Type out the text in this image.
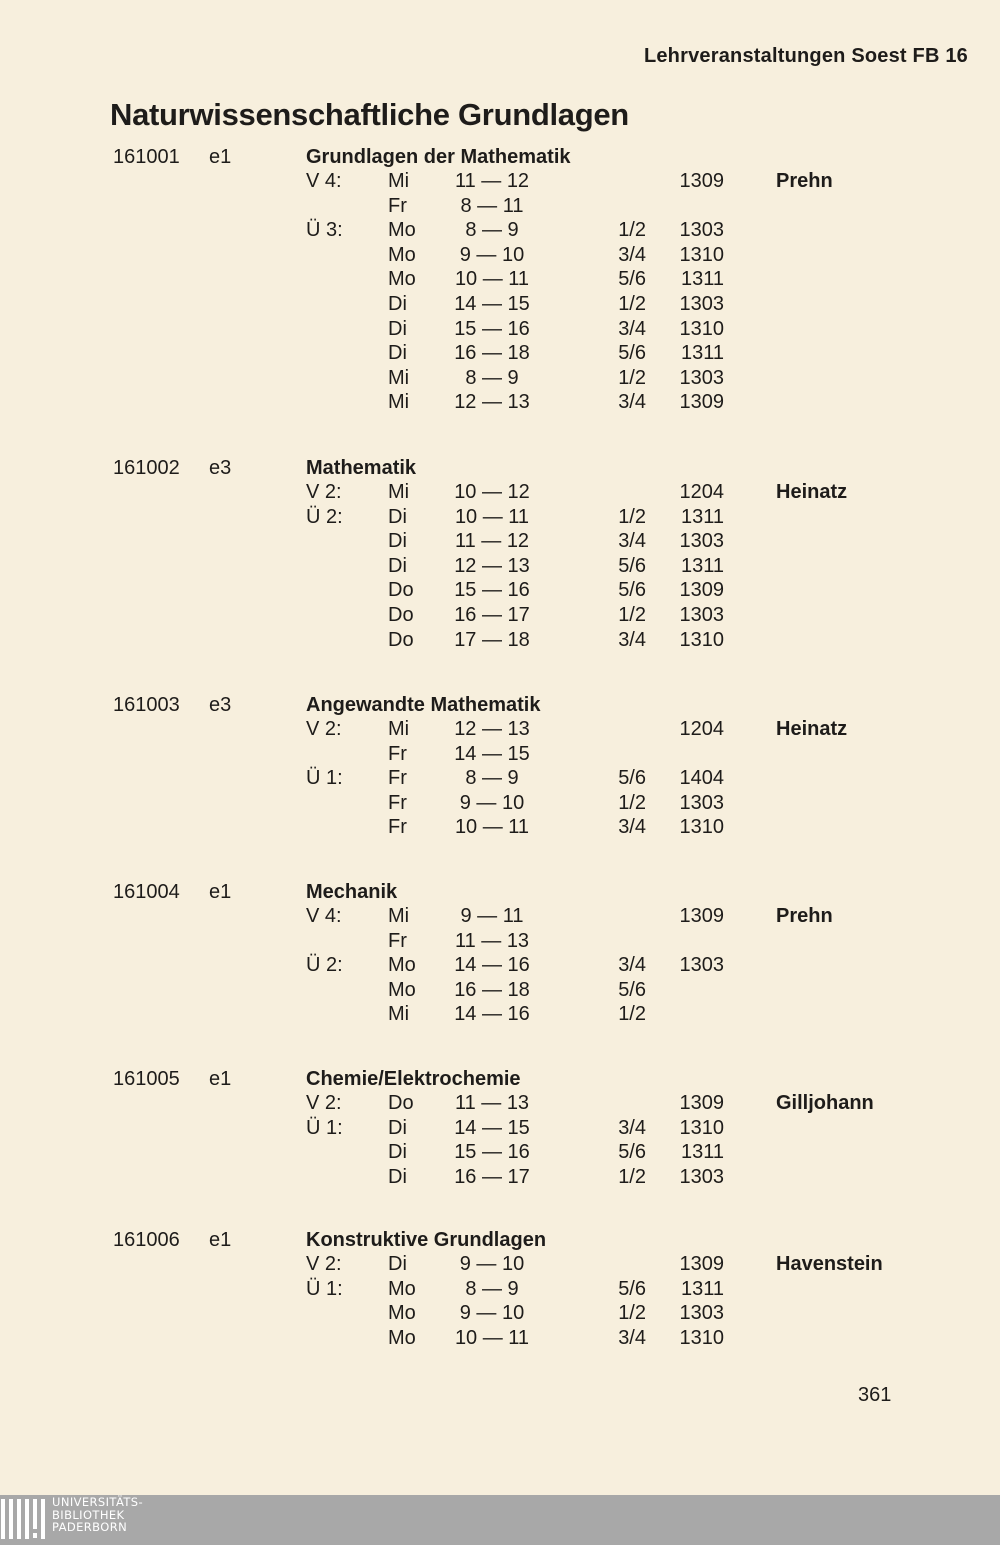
Lehrveranstaltungen Soest FB 16
Naturwissenschaftliche Grundlagen
161001 e1	Grundlagen der Mathematik
V 4: Mi 11 — 12	1309	Prehn
Fr	8 — 11
Ü 3: Mo	8 — 9	1/2	1303
Mo	9 — 10	3/4	1310
Mo 10 — 11	5/6	1311
Di 14 — 15	1/2	1303
Di 15 — 16	3/4	1310
Di 16 — 18	5/6	1311
Mi	8 — 9	1/2	1303
Mi 12 — 13	3/4	1309
161002 e3	Mathematik
V 2: Mi 10 — 12	1204	Heinatz
Ü 2: Di 10 — 11	1/2	1311
Di 11 — 12	3/4	1303
Di 12 — 13	5/6	1311
Do 15 — 16	5/6	1309
Do 16 — 17	1/2	1303
Do 17 — 18	3/4	1310
161003 e3	Angewandte Mathematik
V 2: Mi 12 — 13	1204	Heinatz
Fr 14 — 15
Ü 1: Fr	8 — 9	5/6	1404
Fr	9 — 10	1/2	1303
Fr 10 — 11	3/4	1310
161004 e1	Mechanik
V 4: Mi	9 — 11	1309	Prehn
Fr 11 — 13
Ü 2: Mo 14 — 16	3/4	1303
Mo 16 — 18	5/6
Mi 14 — 16	1/2
161005 e1	Chemie/Elektrochemie
V 2: Do 11 — 13	1309	Gilljohann
Ü 1: Di 14 — 15	3/4	1310
Di 15 — 16	5/6	1311
Di 16 — 17	1/2	1303
161006 e1	Konstruktive Grundlagen
V 2: Di	9 — 10	1309	Havenstein
Ü 1: Mo	8 — 9	5/6	1311
Mo	9 — 10	1/2	1303
Mo 10 — 11	3/4	1310
361
UNIVERSITÄTS-
BIBLIOTHEK
PADERBORN
